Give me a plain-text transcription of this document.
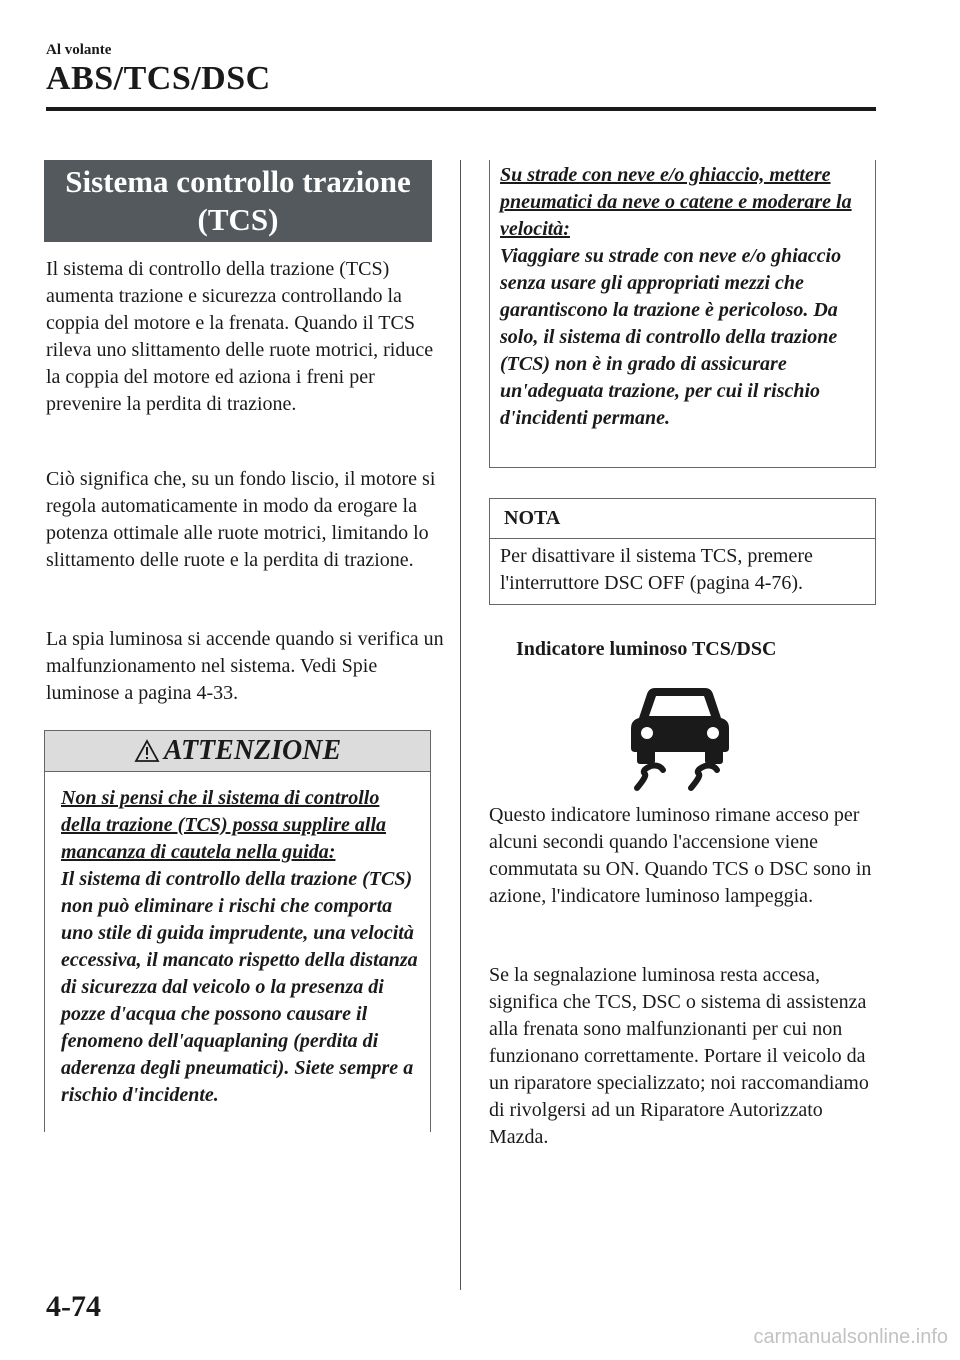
Al volante
ABS/TCS/DSC
Sistema controllo trazione
(TCS)
Il sistema di controllo della trazione (TCS) aumenta trazione e sicurezza controllando la coppia del motore e la frenata. Quando il TCS rileva uno slittamento delle ruote motrici, riduce la coppia del motore ed aziona i freni per prevenire la perdita di trazione.
Ciò significa che, su un fondo liscio, il motore si regola automaticamente in modo da erogare la potenza ottimale alle ruote motrici, limitando lo slittamento delle ruote e la perdita di trazione.
La spia luminosa si accende quando si verifica un malfunzionamento nel sistema. Vedi Spie luminose a pagina 4-33.
ATTENZIONE
Non si pensi che il sistema di controllo della trazione (TCS) possa supplire alla mancanza di cautela nella guida:
Il sistema di controllo della trazione (TCS) non può eliminare i rischi che comporta uno stile di guida imprudente, una velocità eccessiva, il mancato rispetto della distanza di sicurezza dal veicolo o la presenza di pozze d'acqua che possono causare il fenomeno dell'aquaplaning (perdita di aderenza degli pneumatici). Siete sempre a rischio d'incidente.
Su strade con neve e/o ghiaccio, mettere pneumatici da neve o catene e moderare la velocità:
Viaggiare su strade con neve e/o ghiaccio senza usare gli appropriati mezzi che garantiscono la trazione è pericoloso. Da solo, il sistema di controllo della trazione (TCS) non è in grado di assicurare un'adeguata trazione, per cui il rischio d'incidenti permane.
NOTA
Per disattivare il sistema TCS, premere l'interruttore DSC OFF (pagina 4-76).
Indicatore luminoso TCS/DSC
Questo indicatore luminoso rimane acceso per alcuni secondi quando l'accensione viene commutata su ON. Quando TCS o DSC sono in azione, l'indicatore luminoso lampeggia.
Se la segnalazione luminosa resta accesa, significa che TCS, DSC o sistema di assistenza alla frenata sono malfunzionanti per cui non funzionano correttamente. Portare il veicolo da un riparatore specializzato; noi raccomandiamo di rivolgersi ad un Riparatore Autorizzato Mazda.
4-74
carmanualsonline.info
